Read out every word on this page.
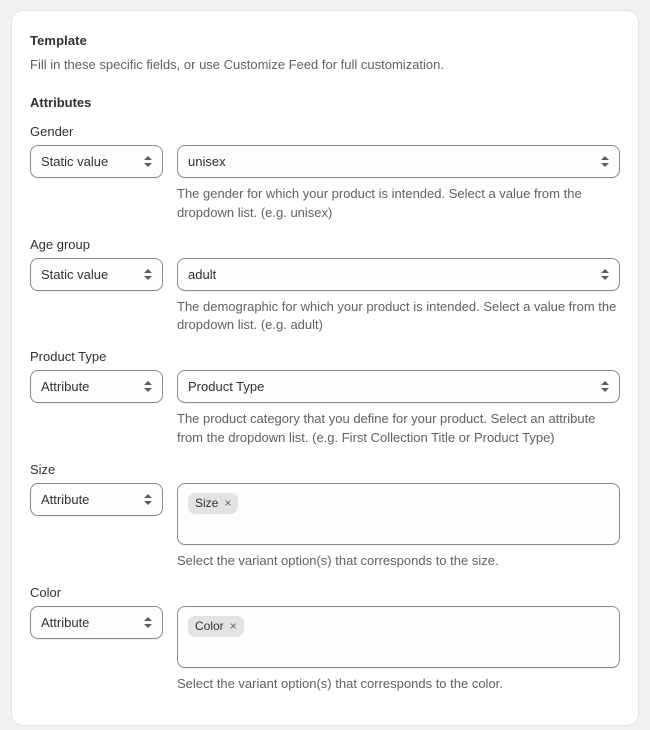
Template
Fill in these specific fields, or use Customize Feed for full customization.
Attributes
Gender
Static value	unisex
The gender for which your product is intended. Select a value from the dropdown list. (e.g. unisex)
Age group
Static value	adult
The demographic for which your product is intended. Select a value from the dropdown list. (e.g. adult)
Product Type
Attribute	Product Type
The product category that you define for your product. Select an attribute from the dropdown list. (e.g. First Collection Title or Product Type)
Size
Attribute	Size ×
Select the variant option(s) that corresponds to the size.
Color
Attribute	Color ×
Select the variant option(s) that corresponds to the color.
